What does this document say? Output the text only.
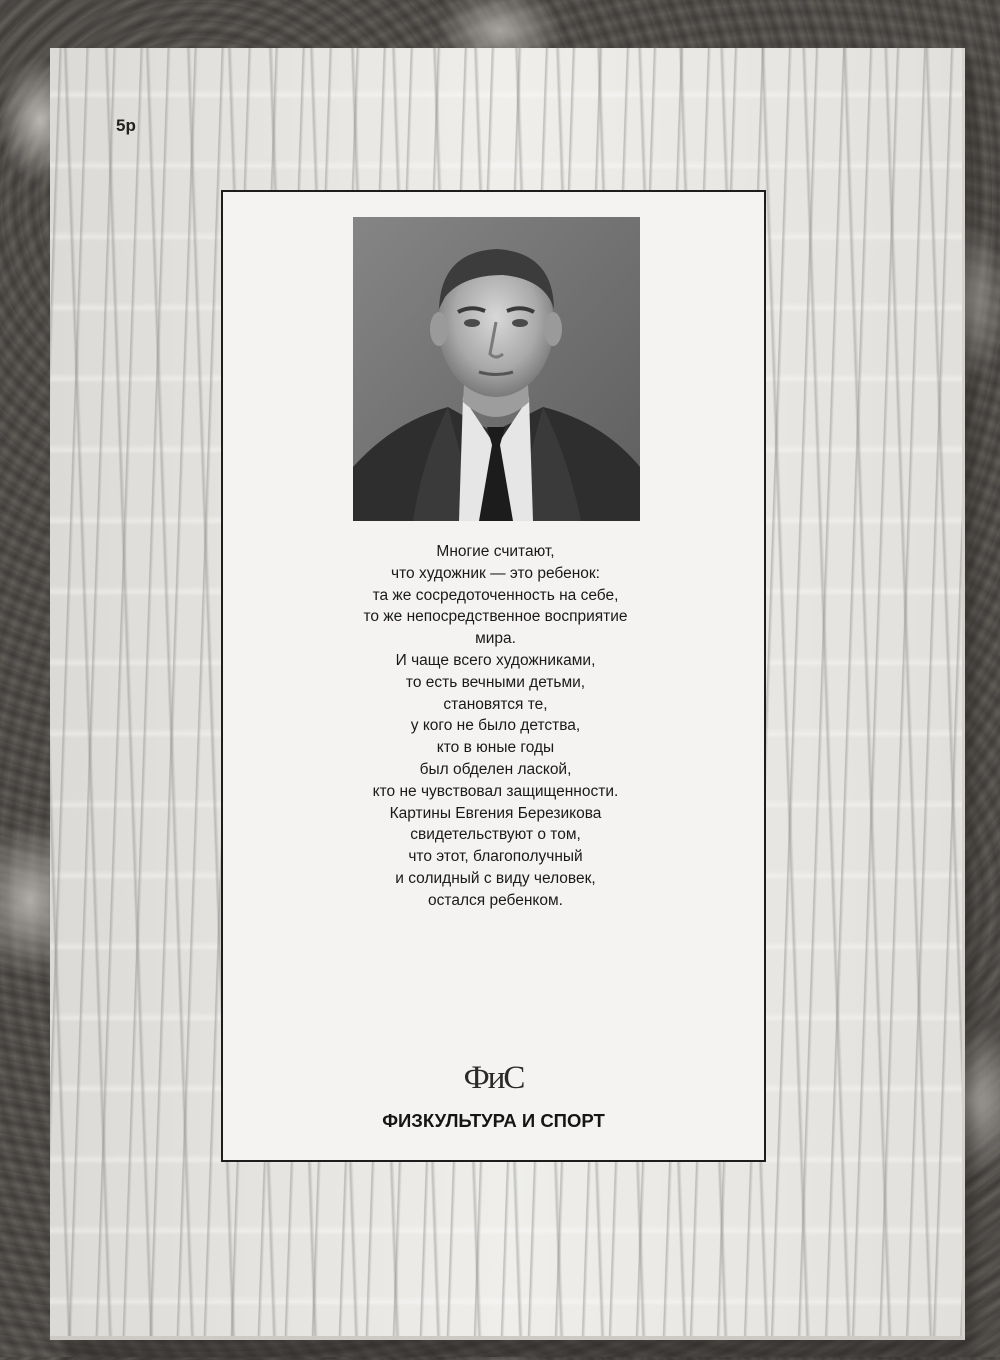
5р
Многие считают,
что художник — это ребенок:
та же сосредоточенность на себе,
то же непосредственное восприятие
мира.
И чаще всего художниками,
то есть вечными детьми,
становятся те,
у кого не было детства,
кто в юные годы
был обделен лаской,
кто не чувствовал защищенности.
Картины Евгения Березикова
свидетельствуют о том,
что этот, благополучный
и солидный с виду человек,
остался ребенком.
ФиС
ФИЗКУЛЬТУРА И СПОРТ
